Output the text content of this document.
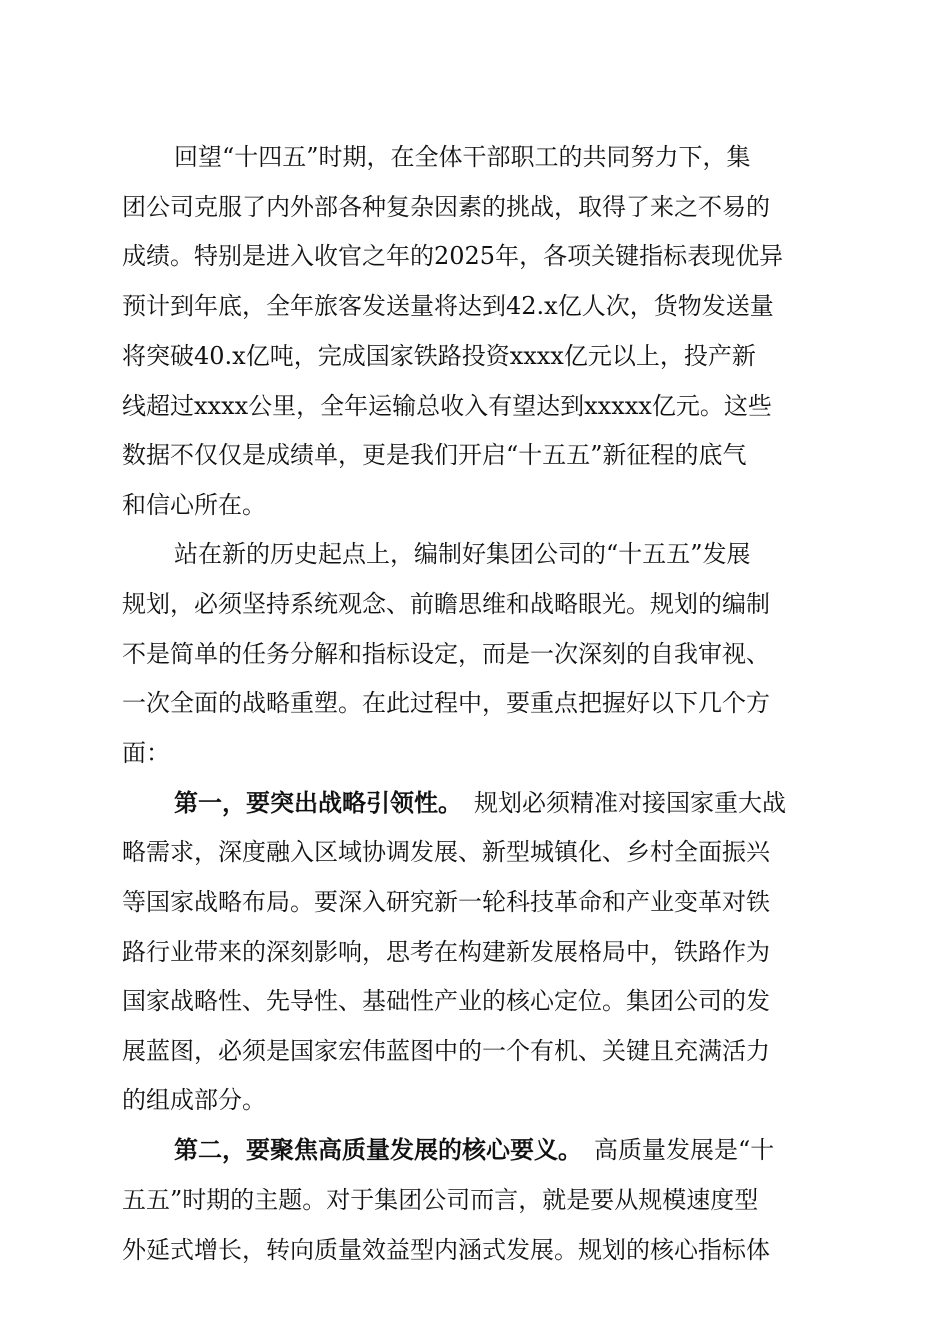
回望“十四五”时期，在全体干部职工的共同努力下，集
团公司克服了内外部各种复杂因素的挑战，取得了来之不易的
成绩。特别是进入收官之年的2025年，各项关键指标表现优异
预计到年底，全年旅客发送量将达到42.x亿人次，货物发送量
将突破40.x亿吨，完成国家铁路投资xxxx亿元以上，投产新
线超过xxxx公里，全年运输总收入有望达到xxxxx亿元。这些
数据不仅仅是成绩单，更是我们开启“十五五”新征程的底气
和信心所在。
站在新的历史起点上，编制好集团公司的“十五五”发展
规划，必须坚持系统观念、前瞻思维和战略眼光。规划的编制
不是简单的任务分解和指标设定，而是一次深刻的自我审视、
一次全面的战略重塑。在此过程中，要重点把握好以下几个方
面：
第一，要突出战略引领性。 规划必须精准对接国家重大战
略需求，深度融入区域协调发展、新型城镇化、乡村全面振兴
等国家战略布局。要深入研究新一轮科技革命和产业变革对铁
路行业带来的深刻影响，思考在构建新发展格局中，铁路作为
国家战略性、先导性、基础性产业的核心定位。集团公司的发
展蓝图，必须是国家宏伟蓝图中的一个有机、关键且充满活力
的组成部分。
第二，要聚焦高质量发展的核心要义。 高质量发展是“十
五五”时期的主题。对于集团公司而言，就是要从规模速度型
外延式增长，转向质量效益型内涵式发展。规划的核心指标体
